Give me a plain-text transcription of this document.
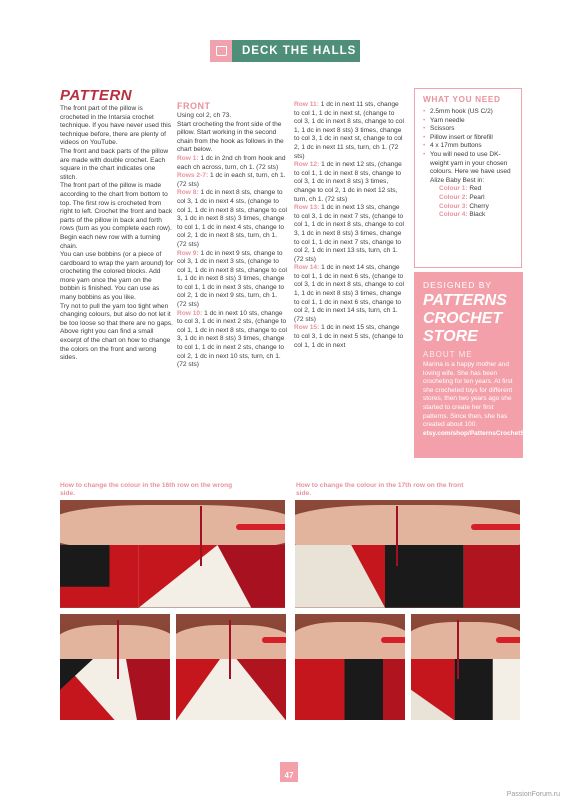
DECK THE HALLS
PATTERN

The front part of the pillow is crocheted in the Intarsia crochet technique. If you have never used this technique before, there are plenty of videos on YouTube.

The front and back parts of the pillow are made with double crochet. Each square in the chart indicates one stitch.

The front part of the pillow is made according to the chart from bottom to top. The first row is crocheted from right to left. Crochet the front and back parts of the pillow in back and forth rows (turn as you complete each row).

Begin each new row with a turning chain.

You can use bobbins (or a piece of cardboard to wrap the yarn around) for crocheting the colored blocks. Add more yarn once the yarn on the bobbin is finished. You can use as many bobbins as you like.

Try not to pull the yarn too tight when changing colours, but also do not let it be too loose so that there are no gaps.

Above right you can find a small excerpt of the chart on how to change the colors on the front and wrong sides.

FRONT

Using col 2, ch 73.

Start crocheting the front side of the pillow. Start working in the second chain from the hook as follows in the chart below.

Row 1: 1 dc in 2nd ch from hook and each ch across, turn, ch 1. (72 sts)

Rows 2-7: 1 dc in each st, turn, ch 1. (72 sts)

Row 8: 1 dc in next 8 sts, change to col 3, 1 dc in next 4 sts, (change to col 1, 1 dc in next 8 sts, change to col 3, 1 dc in next 8 sts) 3 times, change to col 1, 1 dc in next 4 sts, change to col 2, 1 dc in next 8 sts, turn, ch 1. (72 sts)

Row 9: 1 dc in next 9 sts, change to col 3, 1 dc in next 3 sts, (change to col 1, 1 dc in next 8 sts, change to col 1, 1 dc in next 8 sts) 3 times, change to col 1, 1 dc in next 3 sts, change to col 2, 1 dc in next 9 sts, turn, ch 1. (72 sts)

Row 10: 1 dc in next 10 sts, change to col 3, 1 dc in next 2 sts, (change to col 1, 1 dc in next 8 sts, change to col 3, 1 dc in next 8 sts) 3 times, change to col 1, 1 dc in next 2 sts, change to col 2, 1 dc in next 10 sts, turn, ch 1. (72 sts)

Row 11: 1 dc in next 11 sts, change to col 1, 1 dc in next st, (change to col 3, 1 dc in next 8 sts, change to col 1, 1 dc in next 8 sts) 3 times, change to col 3, 1 dc in next st, change to col 2, 1 dc in next 11 sts, turn, ch 1. (72 sts)

Row 12: 1 dc in next 12 sts, (change to col 1, 1 dc in next 8 sts, change to col 3, 1 dc in next 8 sts) 3 times, change to col 2, 1 dc in next 12 sts, turn, ch 1. (72 sts)

Row 13: 1 dc in next 13 sts, change to col 3, 1 dc in next 7 sts, (change to col 1, 1 dc in next 8 sts, change to col 3, 1 dc in next 8 sts) 3 times, change to col 1, 1 dc in next 7 sts, change to col 2, 1 dc in next 13 sts, turn, ch 1. (72 sts)

Row 14: 1 dc in next 14 sts, change to col 1, 1 dc in next 6 sts, (change to col 3, 1 dc in next 8 sts, change to col 1, 1 dc in next 8 sts) 3 times, change to col 1, 1 dc in next 6 sts, change to col 2, 1 dc in next 14 sts, turn, ch 1. (72 sts)

Row 15: 1 dc in next 15 sts, change to col 3, 1 dc in next 5 sts, (change to col 1, 1 dc in next

WHAT YOU NEED
• 2.5mm hook (US C/2)
• Yarn needle
• Scissors
• Pillow insert or fibrefill
• 4 x 17mm buttons
• You will need to use DK-weight yarn in your chosen colours. Here we have used Alize Baby Best in:
Colour 1: Red
Colour 2: Pearl
Colour 3: Cherry
Colour 4: Black
DESIGNED BY
PATTERNS CROCHET STORE
ABOUT ME
Marina is a happy mother and loving wife. She has been crocheting for ten years. At first she crocheted toys for different stores, then two years ago she started to create her first patterns. Since then, she has created about 100. etsy.com/shop/PatternsCrochetStore
How to change the colour in the 16th row on the wrong side.
How to change the colour in the 17th row on the front side.
47
PassionForum.ru
